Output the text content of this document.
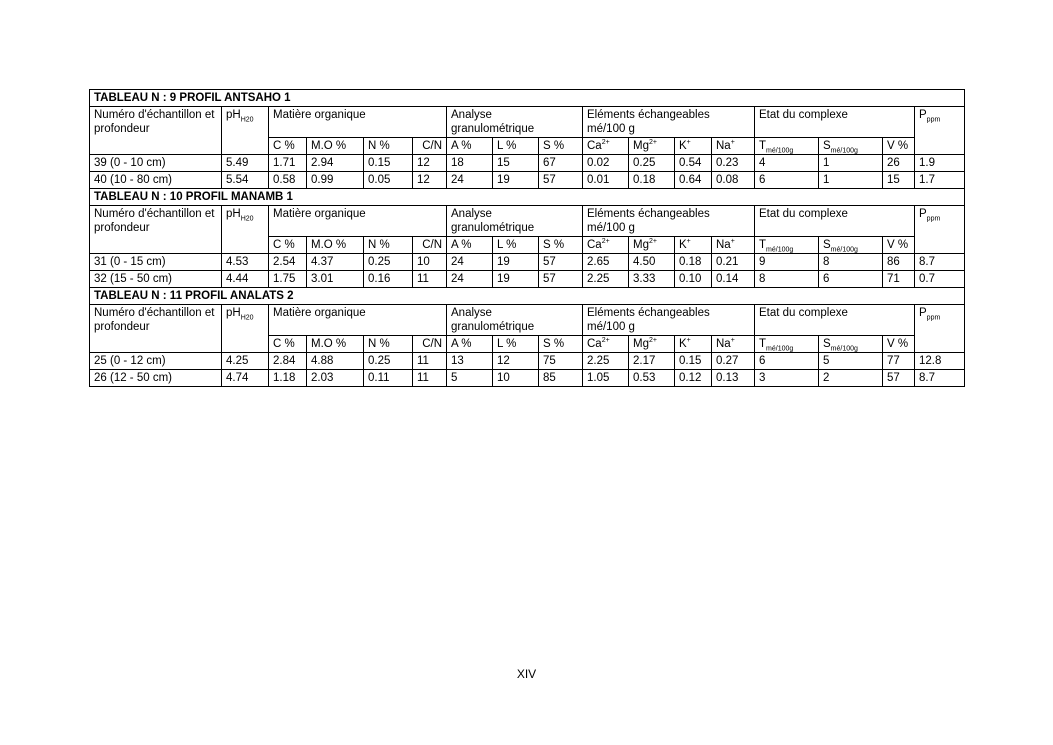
TABLEAU N : 9 PROFIL ANTSAHO 1																
Numéro d'échantillon et profondeur	$pH_{H20}$	Matière organique				Analyse granulométrique			Eléments échangeables mé/100 g				Etat du complexe			$P_{ppm}$
		C %	M.O %	N %	C/N	A %	L %	S %	$Ca^{2+}$	$Mg^{2+}$	K+	Na+	$T_{mé/100g}$	$S_{mé/100g}$	V %	
39 (0 - 10 cm)	5.49	1.71	2.94	0.15	12	18	15	67	0.02	0.25	0.54	0.23	4	1	26	1.9
40 (10 - 80 cm)	5.54	0.58	0.99	0.05	12	24	19	57	0.01	0.18	0.64	0.08	6	1	15	1.7
TABLEAU N : 10 PROFIL MANAMB 1																
Numéro d'échantillon et profondeur	$pH_{H20}$	Matière organique				Analyse granulométrique			Eléments échangeables mé/100 g				Etat du complexe			$P_{ppm}$
		C %	M.O %	N %	C/N	A %	L %	S %	$Ca^{2+}$	$Mg^{2+}$	K+	Na+	$T_{mé/100g}$	$S_{mé/100g}$	V %	
31 (0 - 15 cm)	4.53	2.54	4.37	0.25	10	24	19	57	2.65	4.50	0.18	0.21	9	8	86	8.7
32 (15 - 50 cm)	4.44	1.75	3.01	0.16	11	24	19	57	2.25	3.33	0.10	0.14	8	6	71	0.7
TABLEAU N : 11 PROFIL ANALATS 2																
Numéro d'échantillon et profondeur	$pH_{H20}$	Matière organique				Analyse granulométrique			Eléments échangeables mé/100 g				Etat du complexe			$P_{ppm}$
		C %	M.O %	N %	C/N	A %	L %	S %	$Ca^{2+}$	$Mg^{2+}$	K+	Na+	$T_{mé/100g}$	$S_{mé/100g}$	V %	
25 (0 - 12 cm)	4.25	2.84	4.88	0.25	11	13	12	75	2.25	2.17	0.15	0.27	6	5	77	12.8
26 (12 - 50 cm)	4.74	1.18	2.03	0.11	11	5	10	85	1.05	0.53	0.12	0.13	3	2	57	8.7
XIV
